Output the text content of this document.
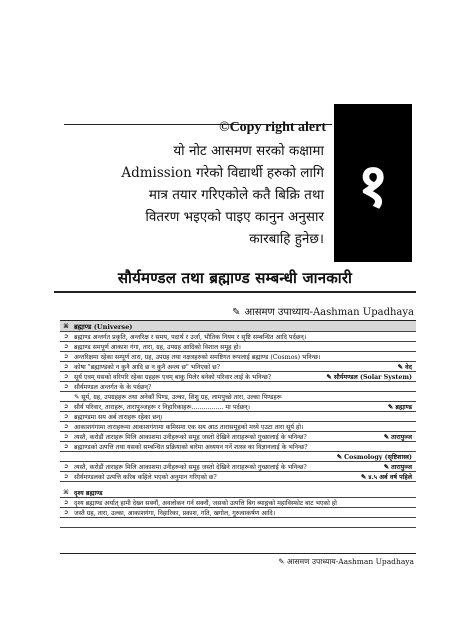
©Copy right alert
यो नोट आसमण सरको कक्षामा
Admission गरेको विद्यार्थी हरुको लागि
मात्र तयार गरिएकोले कतै बिक्रि तथा
वितरण भइएको पाइए कानुन अनुसार
कारबाहि हुनेछ।
१
सौर्यमण्डल तथा ब्रह्माण्ड सम्बन्धी जानकारी
✎ आसमण उपाध्याय-Aashman Upadhaya
⌘ ब्रह्माण्ड (Universe)
➲ ब्रह्माण्ड अन्तर्गत प्रकृति, अन्तरिक्ष र समय, पदार्थ र उर्जा, भौतिक नियम र सृष्टि सम्बन्धित आदि पर्दछन्।
➲ ब्रह्माण्ड समपूर्ण आकाश गंगा, तारा, ग्रह, उपग्रह आदिको विशाल समूह हो।
➲ अन्तरिक्षमा रहेका सम्पूर्ण तारा, ग्रह, उपग्रह तथा नक्षत्रहरुको समष्टिगत रूपलाई ब्रह्माण्ड (Cosmos) भनिन्छ।
➲ कोषा "ब्रह्माण्डको न कुनै आदि छ न कुनै अन्त्य छ" भनिएको छ?	✎ वेद
➲ सूर्य एवम् यसको वरिपरि रहेका ग्रहहरू एवम् बाकु मिलेर बनेको परिवार लाई के भनिन्छ?	✎ सौर्यमण्डल (Solar System)
➲ सौर्यमण्डल अन्तर्गत के के पर्दछन्?
✎ सूर्य, ग्रह, उपग्रहहरू तथा अनेकौं पिण्ड, उल्का, शिशु ग्रह, लामपुच्छे तारा, उल्का पिण्डहरू
➲ सौर्य परिवार, ताराहरू, तारापुञ्जहरू र निहारिकाहरू................ मा पर्दछन्।	✎ ब्रह्माण्ड
➲ ब्रह्माण्डमा सय अर्ब ताराहरू रहेका छन्।
➲ आकाशगंगामा ताराहरूमा आकाशगंगामा कमिसमा एक सय आठ तारासमूहको मध्ये एउटा तारा सूर्य हो।
➲ त्यस्तै, करोडौं ताराहरू मिलि आकाशमा उनीहरूको समूह जस्तो देखिने ताराहरूको गुच्छालाई के भनिन्छ?	✎ तारापुञ्ज
➲ ब्रह्माण्डको उत्पत्ति तथा यसको सम्बन्धित प्रक्रियाको बारेमा अध्ययन गर्ने शास्त्र का विज्ञानलाई के भनिन्छ?
✎ Cosmology (सृष्टिशास्त्र)
➲ त्यस्तै, करोडौं ताराहरू मिलि आकाशमा उनीहरूको समूह जस्तो देखिने ताराहरूको गुच्छालाई के भनिन्छ?	✎ तारापुञ्ज
➲ सौर्यमण्डलको उत्पत्ति करिब कहिले भएको अनुमान गरिएको छ?	✎ ४.५ अर्ब वर्ष पहिले
⌘ दृश्य ब्रह्माण्ड
➲ दृश्य ब्रह्माण्ड अर्थात् हामी देख्न सक्नौं, अवलोकन गर्न सक्नौं, जसको उत्पत्ति बिग ब्याङ्गको महाविस्फोट बाट भएको हो
➲ जस्तै ग्रह, तारा, उल्का, आकाशगंगा, निहारिका, प्रकाश, गति, खगोल, गुरुत्वाकर्षण आदि।
✎ आसमण उपाध्याय-Aashman Upadhaya
